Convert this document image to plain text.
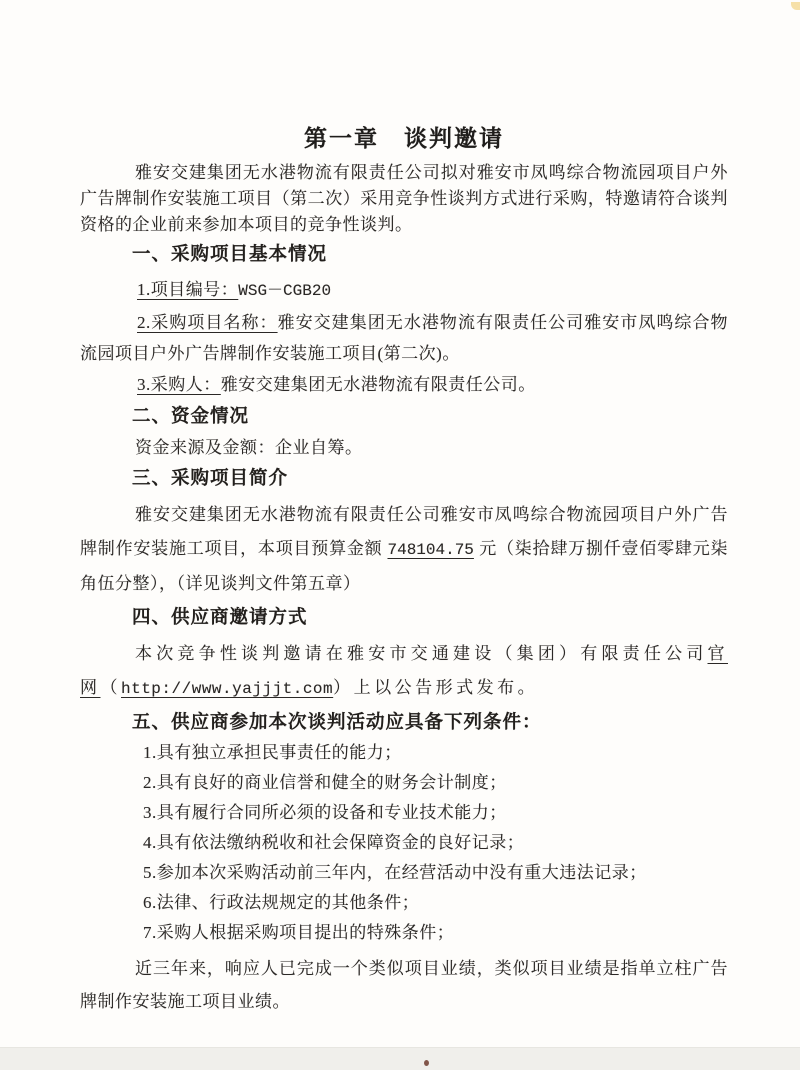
第一章　谈判邀请

雅安交建集团无水港物流有限责任公司拟对雅安市凤鸣综合物流园项目户外广告牌制作安装施工项目（第二次）采用竞争性谈判方式进行采购，特邀请符合谈判资格的企业前来参加本项目的竞争性谈判。

一、采购项目基本情况

1.项目编号：WSG－CGB20

2.采购项目名称：雅安交建集团无水港物流有限责任公司雅安市凤鸣综合物流园项目户外广告牌制作安装施工项目(第二次)。

3.采购人：雅安交建集团无水港物流有限责任公司。

二、资金情况

资金来源及金额：企业自筹。

三、采购项目简介

雅安交建集团无水港物流有限责任公司雅安市凤鸣综合物流园项目户外广告牌制作安装施工项目，本项目预算金额 748104.75 元（柒拾肆万捌仟壹佰零肆元柒角伍分整），（详见谈判文件第五章）

四、供应商邀请方式

本次竞争性谈判邀请在雅安市交通建设（集团）有限责任公司官网（http://www.yajjjt.com）上以公告形式发布。

五、供应商参加本次谈判活动应具备下列条件：

1.具有独立承担民事责任的能力；

2.具有良好的商业信誉和健全的财务会计制度；

3.具有履行合同所必须的设备和专业技术能力；

4.具有依法缴纳税收和社会保障资金的良好记录；

5.参加本次采购活动前三年内，在经营活动中没有重大违法记录；

6.法律、行政法规规定的其他条件；

7.采购人根据采购项目提出的特殊条件；

近三年来，响应人已完成一个类似项目业绩，类似项目业绩是指单立柱广告牌制作安装施工项目业绩。
